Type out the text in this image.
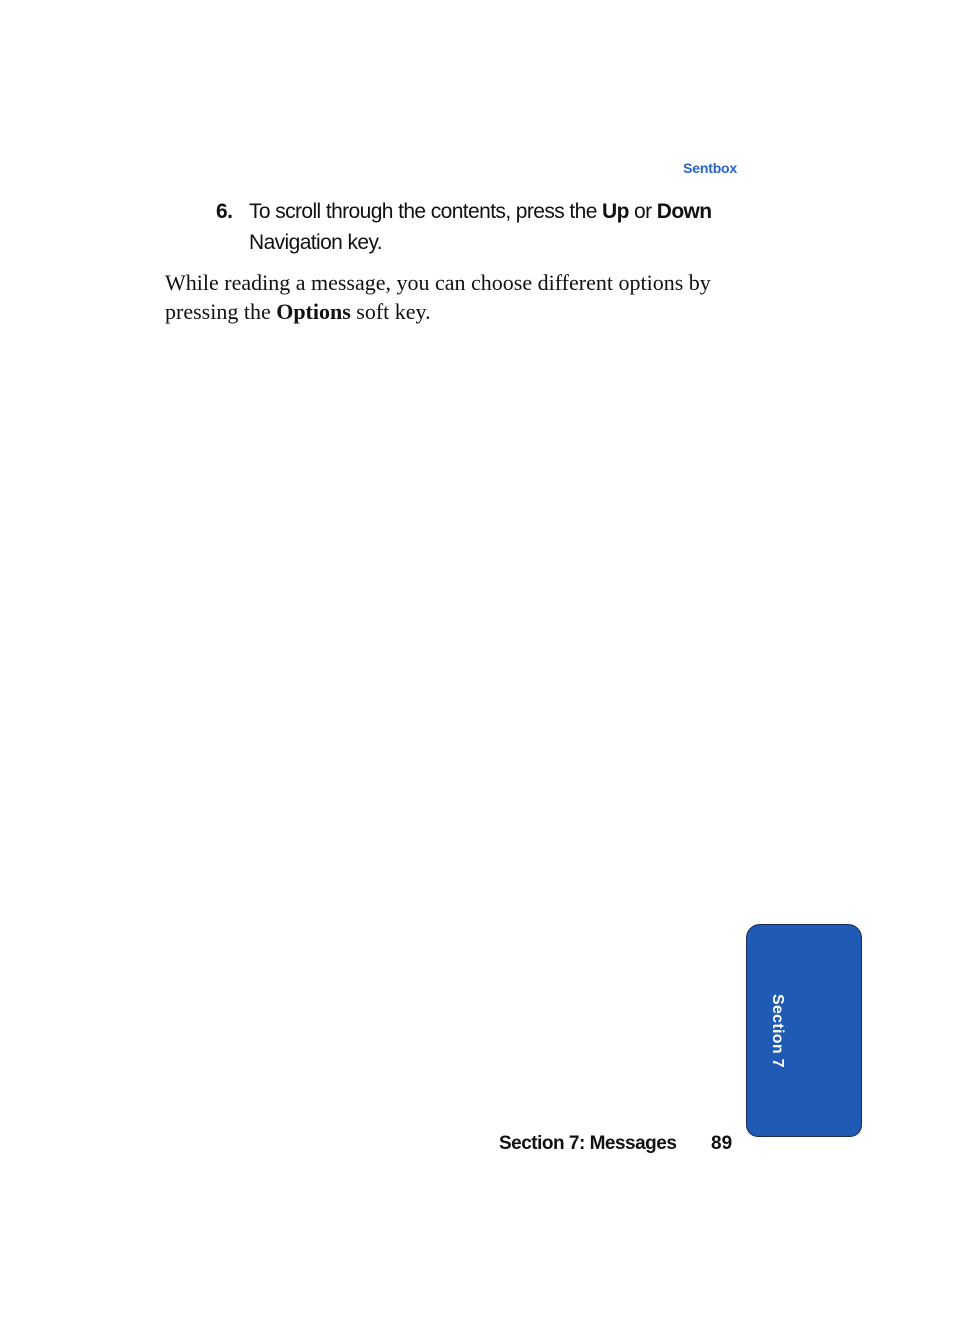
Sentbox
6. To scroll through the contents, press the Up or Down Navigation key.
While reading a message, you can choose different options by pressing the Options soft key.
Section 7
Section 7: Messages 89
